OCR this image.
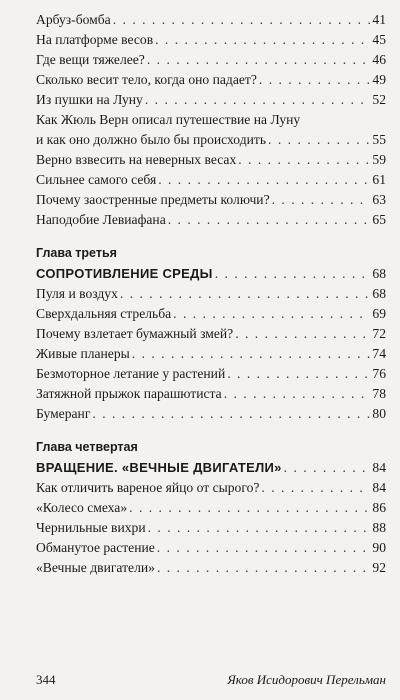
Арбуз-бомба . . .	41
На платформе весов . . .	45
Где вещи тяжелее? . . .	46
Сколько весит тело, когда оно падает? . . .	49
Из пушки на Луну . . .	52
Как Жюль Верн описал путешествие на Луну
и как оно должно было бы происходить . . .	55
Верно взвесить на неверных весах . . .	59
Сильнее самого себя . . .	61
Почему заостренные предметы колючи? . . .	63
Наподобие Левиафана . . .	65
Глава третья
СОПРОТИВЛЕНИЕ СРЕДЫ . . .	68
Пуля и воздух . . .	68
Сверхдальняя стрельба . . .	69
Почему взлетает бумажный змей? . . .	72
Живые планеры . . .	74
Безмоторное летание у растений . . .	76
Затяжной прыжок парашютиста . . .	78
Бумеранг . . .	80
Глава четвертая
ВРАЩЕНИЕ. «ВЕЧНЫЕ ДВИГАТЕЛИ» . . .	84
Как отличить вареное яйцо от сырого? . . .	84
«Колесо смеха» . . .	86
Чернильные вихри . . .	88
Обманутое растение . . .	90
«Вечные двигатели» . . .	92
344	Яков Исидорович Перельман
